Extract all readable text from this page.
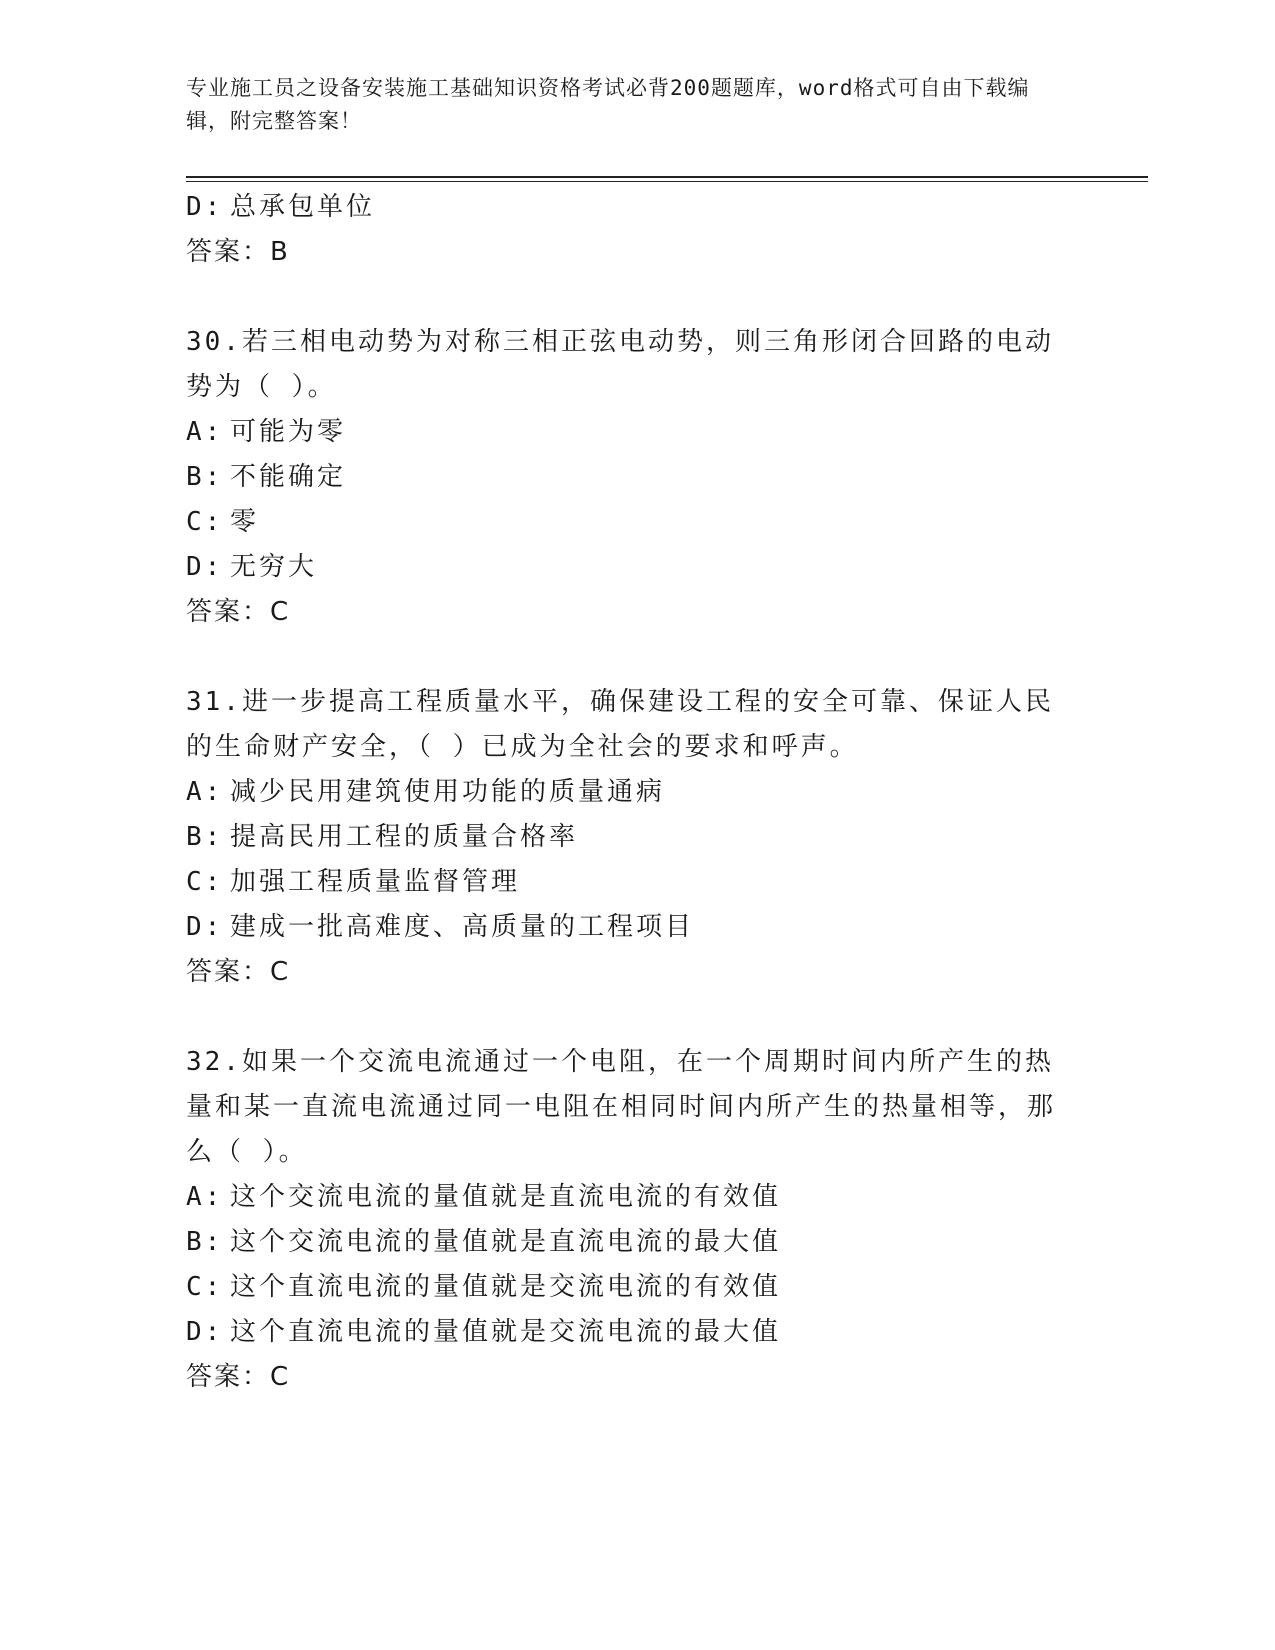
专业施工员之设备安装施工基础知识资格考试必背200题题库，word格式可自由下载编辑，附完整答案！
D: 总承包单位
答案：B
30.若三相电动势为对称三相正弦电动势，则三角形闭合回路的电动势为（ ）。
A: 可能为零
B: 不能确定
C: 零
D: 无穷大
答案：C
31.进一步提高工程质量水平，确保建设工程的安全可靠、保证人民的生命财产安全，（ ）已成为全社会的要求和呼声。
A: 减少民用建筑使用功能的质量通病
B: 提高民用工程的质量合格率
C: 加强工程质量监督管理
D: 建成一批高难度、高质量的工程项目
答案：C
32.如果一个交流电流通过一个电阻，在一个周期时间内所产生的热量和某一直流电流通过同一电阻在相同时间内所产生的热量相等，那么（ ）。
A: 这个交流电流的量值就是直流电流的有效值
B: 这个交流电流的量值就是直流电流的最大值
C: 这个直流电流的量值就是交流电流的有效值
D: 这个直流电流的量值就是交流电流的最大值
答案：C
